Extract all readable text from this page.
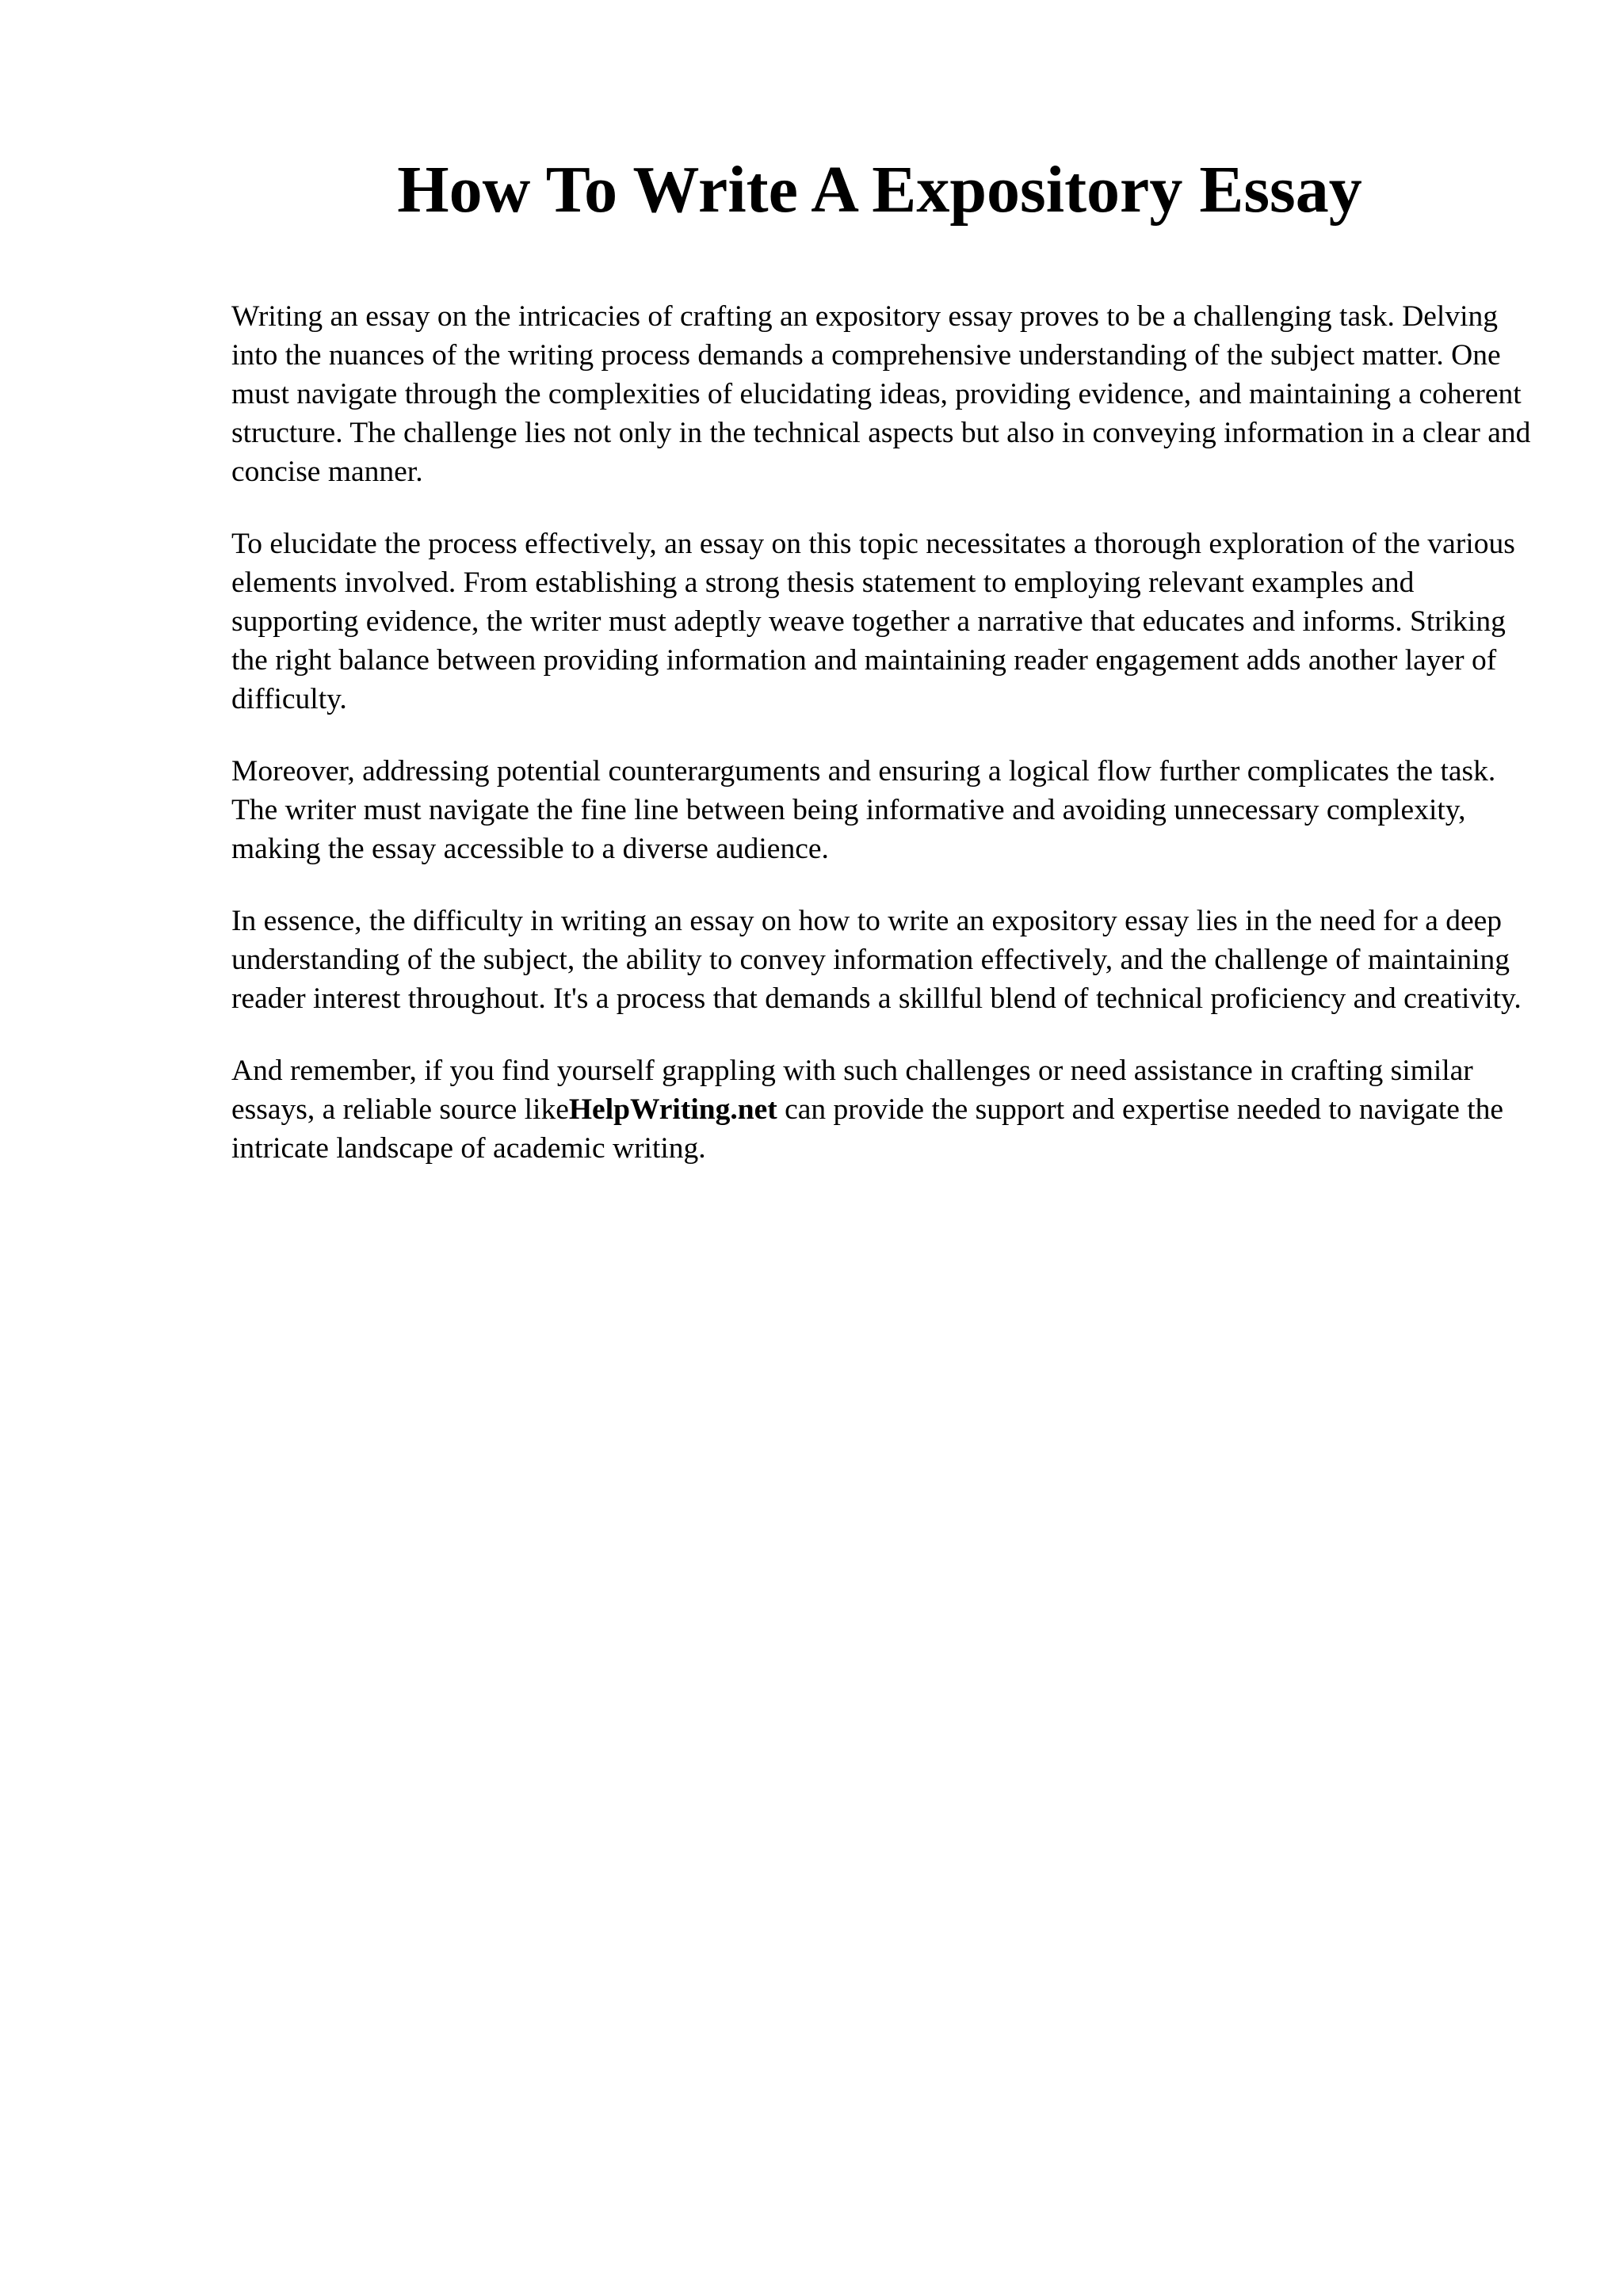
How To Write A Expository Essay

Writing an essay on the intricacies of crafting an expository essay proves to be a challenging task. Delving into the nuances of the writing process demands a comprehensive understanding of the subject matter. One must navigate through the complexities of elucidating ideas, providing evidence, and maintaining a coherent structure. The challenge lies not only in the technical aspects but also in conveying information in a clear and concise manner.

To elucidate the process effectively, an essay on this topic necessitates a thorough exploration of the various elements involved. From establishing a strong thesis statement to employing relevant examples and supporting evidence, the writer must adeptly weave together a narrative that educates and informs. Striking the right balance between providing information and maintaining reader engagement adds another layer of difficulty.

Moreover, addressing potential counterarguments and ensuring a logical flow further complicates the task. The writer must navigate the fine line between being informative and avoiding unnecessary complexity, making the essay accessible to a diverse audience.

In essence, the difficulty in writing an essay on how to write an expository essay lies in the need for a deep understanding of the subject, the ability to convey information effectively, and the challenge of maintaining reader interest throughout. It's a process that demands a skillful blend of technical proficiency and creativity.

And remember, if you find yourself grappling with such challenges or need assistance in crafting similar essays, a reliable source likeHelpWriting.net can provide the support and expertise needed to navigate the intricate landscape of academic writing.
